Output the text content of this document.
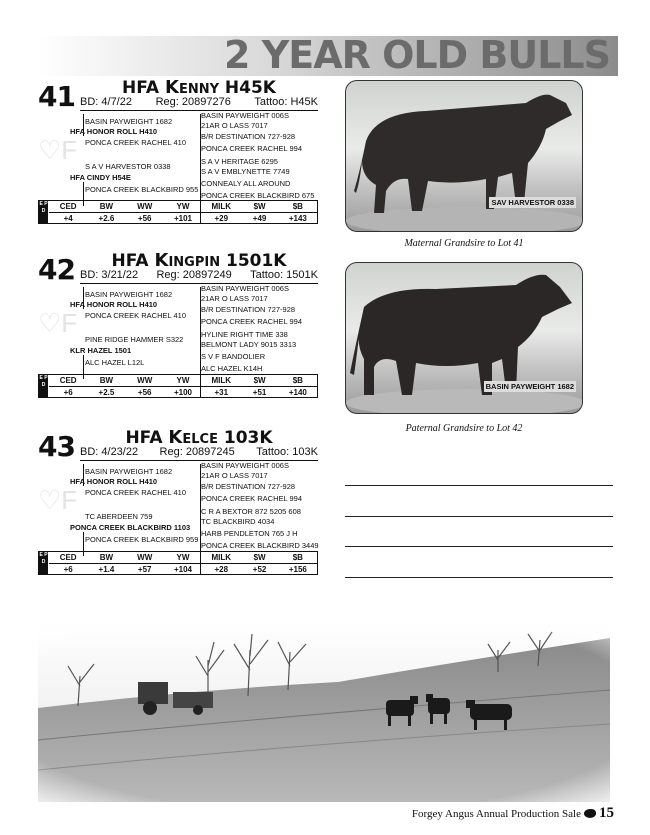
2 YEAR OLD BULLS
41	HFA KENNY H45K
BD: 4/7/22 Reg: 20897276 Tattoo: H45K
♡F
BASIN PAYWEIGHT 006S
21AR O LASS 7017
BASIN PAYWEIGHT 1682
B/R DESTINATION 727-928
HFA HONOR ROLL H410
PONCA CREEK RACHEL 994
PONCA CREEK RACHEL 410
S A V HERITAGE 6295
S A V EMBLYNETTE 7749
S A V HARVESTOR 0338
CONNEALY ALL AROUND
HFA CINDY H54E
PONCA CREEK BLACKBIRD 675
PONCA CREEK BLACKBIRD 955
E P D	CED	BW	WW	YW	MILK	$W	$B
+4	+2.6	+56	+101	+29	+49	+143
42	HFA KINGPIN 1501K
BD: 3/21/22 Reg: 20897249 Tattoo: 1501K
♡F
BASIN PAYWEIGHT 006S
21AR O LASS 7017
BASIN PAYWEIGHT 1682
B/R DESTINATION 727-928
HFA HONOR ROLL H410
PONCA CREEK RACHEL 994
PONCA CREEK RACHEL 410
HYLINE RIGHT TIME 338
BELMONT LADY 9015 3313
PINE RIDGE HAMMER S322
S V F BANDOLIER
KLR HAZEL 1501
ALC HAZEL K14H
ALC HAZEL L12L
E P D	CED	BW	WW	YW	MILK	$W	$B
+6	+2.5	+56	+100	+31	+51	+140
43	HFA KELCE 103K
BD: 4/23/22 Reg: 20897245 Tattoo: 103K
♡F
BASIN PAYWEIGHT 006S
21AR O LASS 7017
BASIN PAYWEIGHT 1682
B/R DESTINATION 727-928
HFA HONOR ROLL H410
PONCA CREEK RACHEL 994
PONCA CREEK RACHEL 410
C R A BEXTOR 872 5205 608
TC BLACKBIRD 4034
TC ABERDEEN 759
HARB PENDLETON 765 J H
PONCA CREEK BLACKBIRD 1103
PONCA CREEK BLACKBIRD 3449
PONCA CREEK BLACKBIRD 959
E P D	CED	BW	WW	YW	MILK	$W	$B
+6	+1.4	+57	+104	+28	+52	+156
SAV HARVESTOR 0338
Maternal Grandsire to Lot 41
BASIN PAYWEIGHT 1682
Paternal Grandsire to Lot 42
Forgey Angus Annual Production Sale 15
